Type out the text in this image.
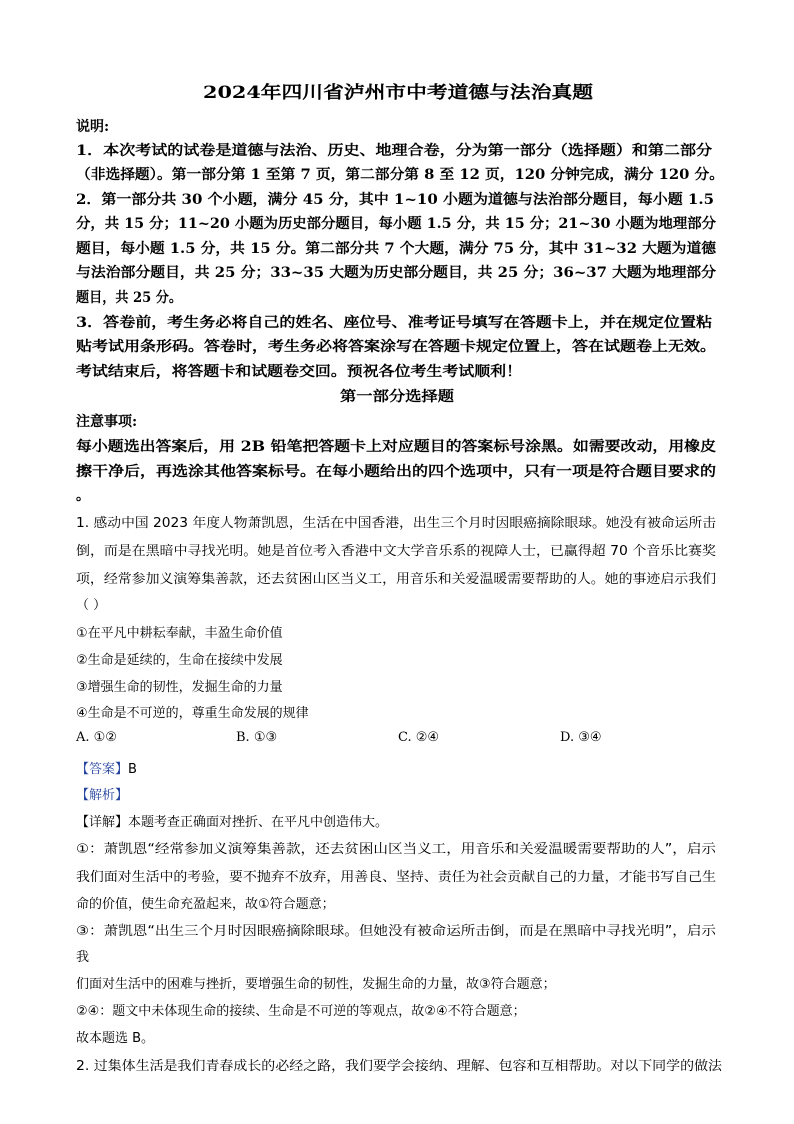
2024年四川省泸州市中考道德与法治真题
说明:
1．本次考试的试卷是道德与法治、历史、地理合卷，分为第一部分（选择题）和第二部分
（非选择题）。第一部分第 1 至第 7 页，第二部分第 8 至 12 页，120 分钟完成，满分 120 分。
2．第一部分共 30 个小题，满分 45 分，其中 1~10 小题为道德与法治部分题目，每小题 1.5
分，共 15 分；11~20 小题为历史部分题目，每小题 1.5 分，共 15 分；21~30 小题为地理部分
题目，每小题 1.5 分，共 15 分。第二部分共 7 个大题，满分 75 分，其中 31~32 大题为道德
与法治部分题目，共 25 分；33~35 大题为历史部分题目，共 25 分；36~37 大题为地理部分
题目，共 25 分。
3．答卷前，考生务必将自己的姓名、座位号、准考证号填写在答题卡上，并在规定位置粘
贴考试用条形码。答卷时，考生务必将答案涂写在答题卡规定位置上，答在试题卷上无效。
考试结束后，将答题卡和试题卷交回。预祝各位考生考试顺利！
第一部分选择题
注意事项:
每小题选出答案后，用 2B 铅笔把答题卡上对应题目的答案标号涂黑。如需要改动，用橡皮
擦干净后，再选涂其他答案标号。在每小题给出的四个选项中，只有一项是符合题目要求的
。
1. 感动中国 2023 年度人物萧凯恩，生活在中国香港，出生三个月时因眼癌摘除眼球。她没有被命运所击
倒，而是在黑暗中寻找光明。她是首位考入香港中文大学音乐系的视障人士，已赢得超 70 个音乐比赛奖
项，经常参加义演筹集善款，还去贫困山区当义工，用音乐和关爱温暖需要帮助的人。她的事迹启示我们
（ ）
①在平凡中耕耘奉献，丰盈生命价值
②生命是延续的，生命在接续中发展
③增强生命的韧性，发掘生命的力量
④生命是不可逆的，尊重生命发展的规律
A. ①②	B. ①③	C. ②④	D. ③④
【答案】B
【解析】
【详解】本题考查正确面对挫折、在平凡中创造伟大。
①：萧凯恩“经常参加义演筹集善款，还去贫困山区当义工，用音乐和关爱温暖需要帮助的人”，启示
我们面对生活中的考验，要不抛弃不放弃，用善良、坚持、责任为社会贡献自己的力量，才能书写自己生
命的价值，使生命充盈起来，故①符合题意；
③：萧凯恩“出生三个月时因眼癌摘除眼球。但她没有被命运所击倒，而是在黑暗中寻找光明”，启示
我
们面对生活中的困难与挫折，要增强生命的韧性，发掘生命的力量，故③符合题意；
②④：题文中未体现生命的接续、生命是不可逆的等观点，故②④不符合题意；
故本题选 B。
2. 过集体生活是我们青春成长的必经之路，我们要学会接纳、理解、包容和互相帮助。对以下同学的做法
